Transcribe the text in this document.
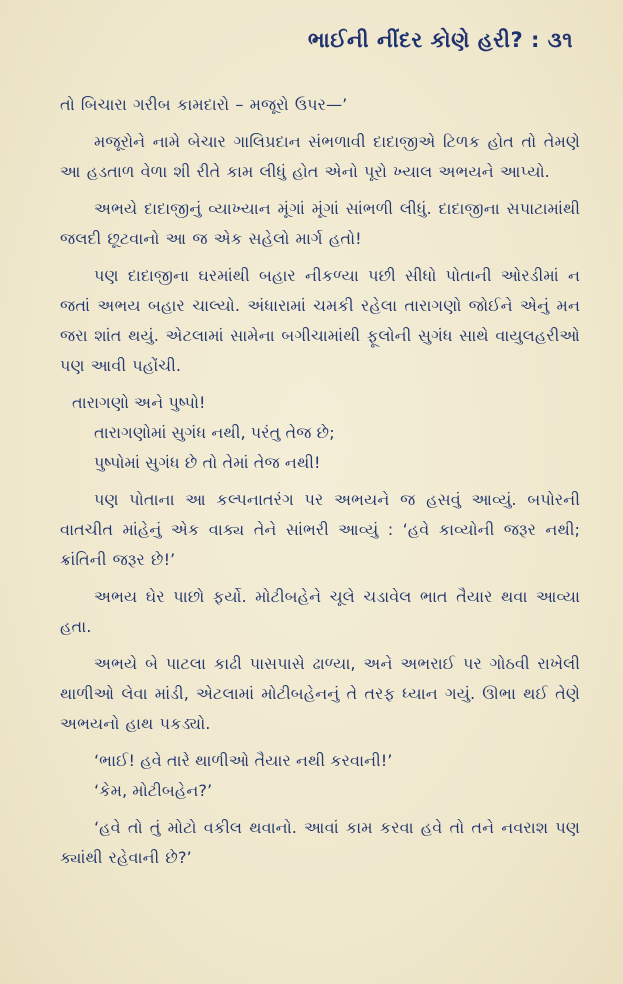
ભાઈની નીંદર કોણે હરી? : ૩૧

તો બિચારા ગરીબ કામદારો – મજૂરો ઉપર—’

મજૂરોને નામે બેચાર ગાલિપ્રદાન સંભળાવી દાદાજીએ ટિળક હોત તો તેમણે આ હડતાળ વેળા શી રીતે કામ લીધું હોત એનો પૂરો ખ્યાલ અભયને આપ્યો.

અભયે દાદાજીનું વ્યાખ્યાન મૂંગાં મૂંગાં સાંભળી લીધું. દાદાજીના સપાટામાંથી જલદી છૂટવાનો આ જ એક સહેલો માર્ગ હતો!

પણ દાદાજીના ઘરમાંથી બહાર નીકળ્યા પછી સીધો પોતાની ઓરડીમાં ન જતાં અભય બહાર ચાલ્યો. અંધારામાં ચમકી રહેલા તારાગણો જોઈને એનું મન જરા શાંત થયું. એટલામાં સામેના બગીચામાંથી ફૂલોની સુગંધ સાથે વાયુલહરીઓ પણ આવી પહોંચી.

તારાગણો અને પુષ્પો!
તારાગણોમાં સુગંધ નથી, પરંતુ તેજ છે;
પુષ્પોમાં સુગંધ છે તો તેમાં તેજ નથી!

પણ પોતાના આ કલ્પનાતરંગ પર અભયને જ હસવું આવ્યું. બપોરની વાતચીત માંહેનું એક વાક્ય તેને સાંભરી આવ્યું : ‘હવે કાવ્યોની જરૂર નથી; ક્રાંતિની જરૂર છે!’

અભય ઘેર પાછો ફર્યો. મોટીબહેને ચૂલે ચડાવેલ ભાત તૈયાર થવા આવ્યા હતા.

અભયે બે પાટલા કાઢી પાસપાસે ઢાળ્યા, અને અભરાઈ પર ગોઠવી રાખેલી થાળીઓ લેવા માંડી, એટલામાં મોટીબહેનનું તે તરફ ધ્યાન ગયું. ઊભા થઈ તેણે અભયનો હાથ પકડ્યો.

‘ભાઈ! હવે તારે થાળીઓ તૈયાર નથી કરવાની!’

‘કેમ, મોટીબહેન?’

‘હવે તો તું મોટો વકીલ થવાનો. આવાં કામ કરવા હવે તો તને નવરાશ પણ ક્યાંથી રહેવાની છે?’
